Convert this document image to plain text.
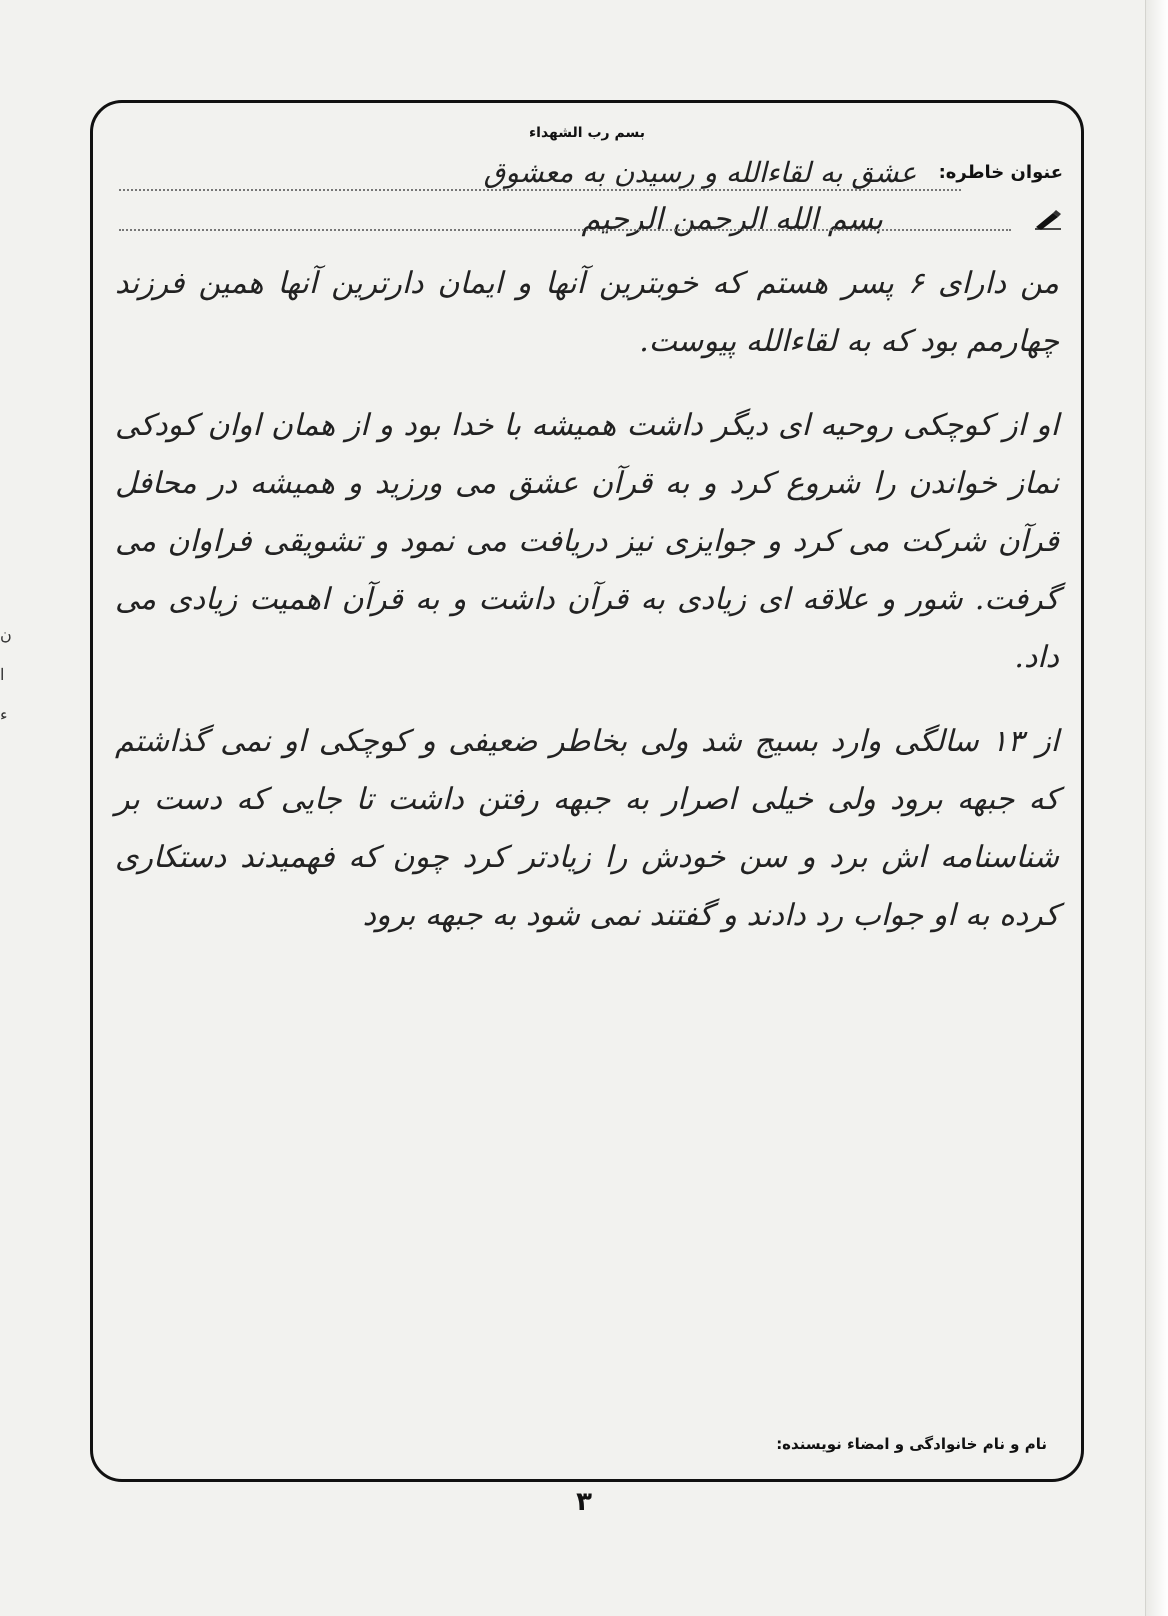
ن ا ء
بسم رب الشهداء
عنوان خاطره:
عشق به لقاءالله و رسیدن به معشوق
بسم الله الرحمن الرحیم

من دارای ۶ پسر هستم که خوبترین آنها و ایمان دارترین آنها همین فرزند چهارمم بود که به لقاءالله پیوست.

او از کوچکی روحیه ای دیگر داشت همیشه با خدا بود و از همان اوان کودکی نماز خواندن را شروع کرد و به قرآن عشق می ورزید و همیشه در محافل قرآن شرکت می کرد و جوایزی نیز دریافت می نمود و تشویقی فراوان می گرفت. شور و علاقه ای زیادی به قرآن داشت و به قرآن اهمیت زیادی می داد.

از ۱۳ سالگی وارد بسیج شد ولی بخاطر ضعیفی و کوچکی او نمی گذاشتم که جبهه برود ولی خیلی اصرار به جبهه رفتن داشت تا جایی که دست بر شناسنامه اش برد و سن خودش را زیادتر کرد چون که فهمیدند دستکاری کرده به او جواب رد دادند و گفتند نمی شود به جبهه برود

نام و نام خانوادگی و امضاء نویسنده:
۳
